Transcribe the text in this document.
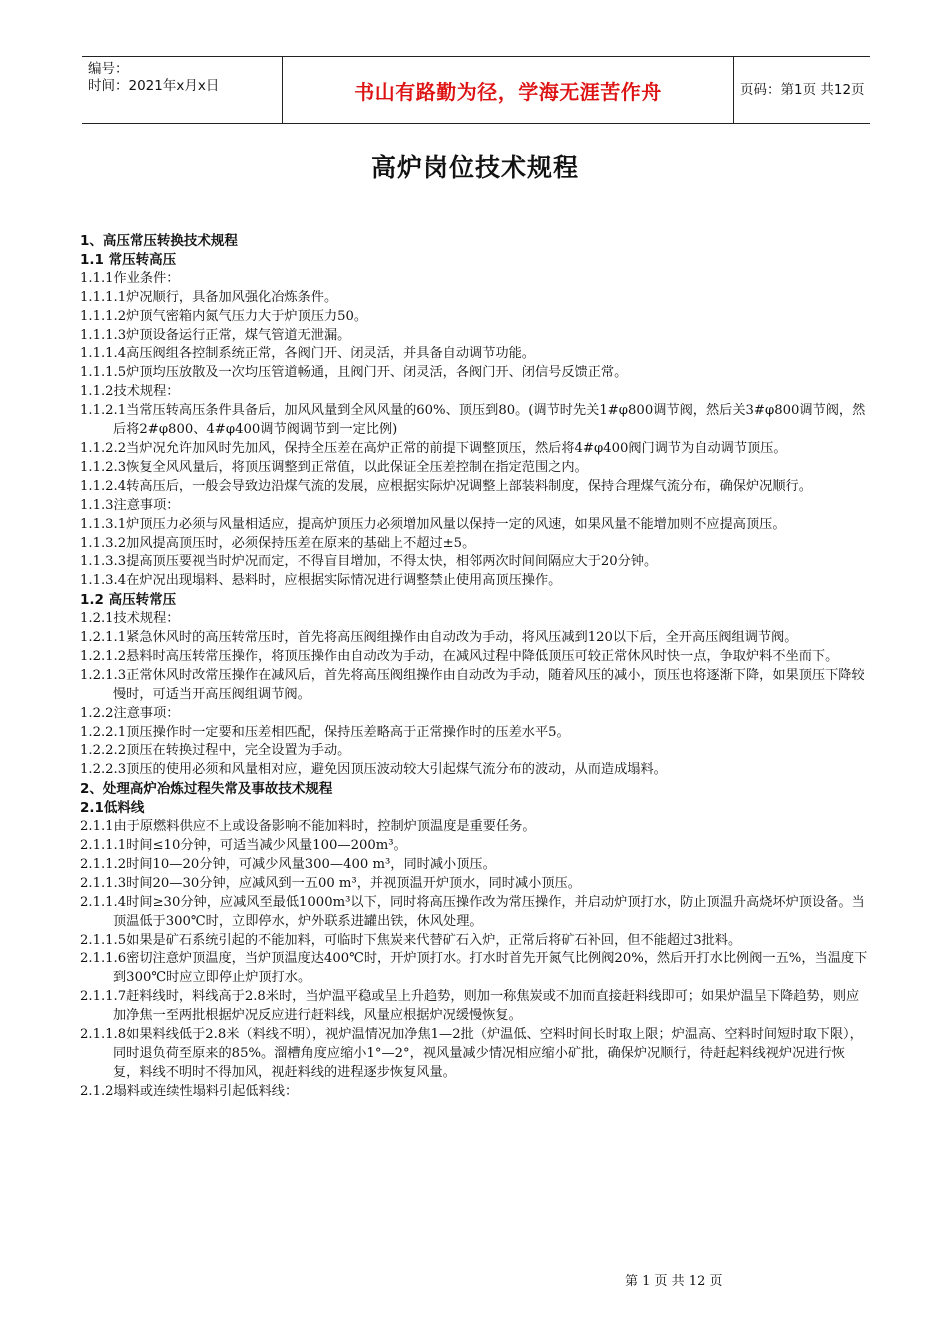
编号：
时间：2021年x月x日	书山有路勤为径，学海无涯苦作舟	页码：第1页 共12页
高炉岗位技术规程
1、高压常压转换技术规程
1.1 常压转高压
1.1.1作业条件：
1.1.1.1炉况顺行，具备加风强化冶炼条件。
1.1.1.2炉顶气密箱内氮气压力大于炉顶压力50。
1.1.1.3炉顶设备运行正常，煤气管道无泄漏。
1.1.1.4高压阀组各控制系统正常，各阀门开、闭灵活，并具备自动调节功能。
1.1.1.5炉顶均压放散及一次均压管道畅通，且阀门开、闭灵活，各阀门开、闭信号反馈正常。
1.1.2技术规程：
1.1.2.1当常压转高压条件具备后，加风风量到全风风量的60%、顶压到80。(调节时先关1#φ800调节阀，然后关3#φ800调节阀，然后将2#φ800、4#φ400调节阀调节到一定比例)
1.1.2.2当炉况允许加风时先加风，保持全压差在高炉正常的前提下调整顶压，然后将4#φ400阀门调节为自动调节顶压。
1.1.2.3恢复全风风量后，将顶压调整到正常值，以此保证全压差控制在指定范围之内。
1.1.2.4转高压后，一般会导致边沿煤气流的发展，应根据实际炉况调整上部装料制度，保持合理煤气流分布，确保炉况顺行。
1.1.3注意事项：
1.1.3.1炉顶压力必须与风量相适应，提高炉顶压力必须增加风量以保持一定的风速，如果风量不能增加则不应提高顶压。
1.1.3.2加风提高顶压时，必须保持压差在原来的基础上不超过±5。
1.1.3.3提高顶压要视当时炉况而定，不得盲目增加，不得太快，相邻两次时间间隔应大于20分钟。
1.1.3.4在炉况出现塌料、悬料时，应根据实际情况进行调整禁止使用高顶压操作。
1.2 高压转常压
1.2.1技术规程：
1.2.1.1紧急休风时的高压转常压时，首先将高压阀组操作由自动改为手动，将风压减到120以下后，全开高压阀组调节阀。
1.2.1.2悬料时高压转常压操作，将顶压操作由自动改为手动，在减风过程中降低顶压可较正常休风时快一点，争取炉料不坐而下。
1.2.1.3正常休风时改常压操作在减风后，首先将高压阀组操作由自动改为手动，随着风压的减小，顶压也将逐渐下降，如果顶压下降较慢时，可适当开高压阀组调节阀。
1.2.2注意事项：
1.2.2.1顶压操作时一定要和压差相匹配，保持压差略高于正常操作时的压差水平5。
1.2.2.2顶压在转换过程中，完全设置为手动。
1.2.2.3顶压的使用必须和风量相对应，避免因顶压波动较大引起煤气流分布的波动，从而造成塌料。
2、处理高炉冶炼过程失常及事故技术规程
2.1低料线
2.1.1由于原燃料供应不上或设备影响不能加料时，控制炉顶温度是重要任务。
2.1.1.1时间≤10分钟，可适当减少风量100—200m³。
2.1.1.2时间10—20分钟，可减少风量300—400 m³，同时减小顶压。
2.1.1.3时间20—30分钟，应减风到一五00 m³，并视顶温开炉顶水，同时减小顶压。
2.1.1.4时间≥30分钟，应减风至最低1000m³以下，同时将高压操作改为常压操作，并启动炉顶打水，防止顶温升高烧坏炉顶设备。当顶温低于300℃时，立即停水，炉外联系进罐出铁，休风处理。
2.1.1.5如果是矿石系统引起的不能加料，可临时下焦炭来代替矿石入炉，正常后将矿石补回，但不能超过3批料。
2.1.1.6密切注意炉顶温度，当炉顶温度达400℃时，开炉顶打水。打水时首先开氮气比例阀20%，然后开打水比例阀一五%，当温度下到300℃时应立即停止炉顶打水。
2.1.1.7赶料线时，料线高于2.8米时，当炉温平稳或呈上升趋势，则加一称焦炭或不加而直接赶料线即可；如果炉温呈下降趋势，则应加净焦一至两批根据炉况反应进行赶料线，风量应根据炉况缓慢恢复。
2.1.1.8如果料线低于2.8米（料线不明），视炉温情况加净焦1—2批（炉温低、空料时间长时取上限；炉温高、空料时间短时取下限），同时退负荷至原来的85%。溜槽角度应缩小1°—2°，视风量减少情况相应缩小矿批，确保炉况顺行，待赶起料线视炉况进行恢复，料线不明时不得加风，视赶料线的进程逐步恢复风量。
2.1.2塌料或连续性塌料引起低料线：
第 1 页 共 12 页
